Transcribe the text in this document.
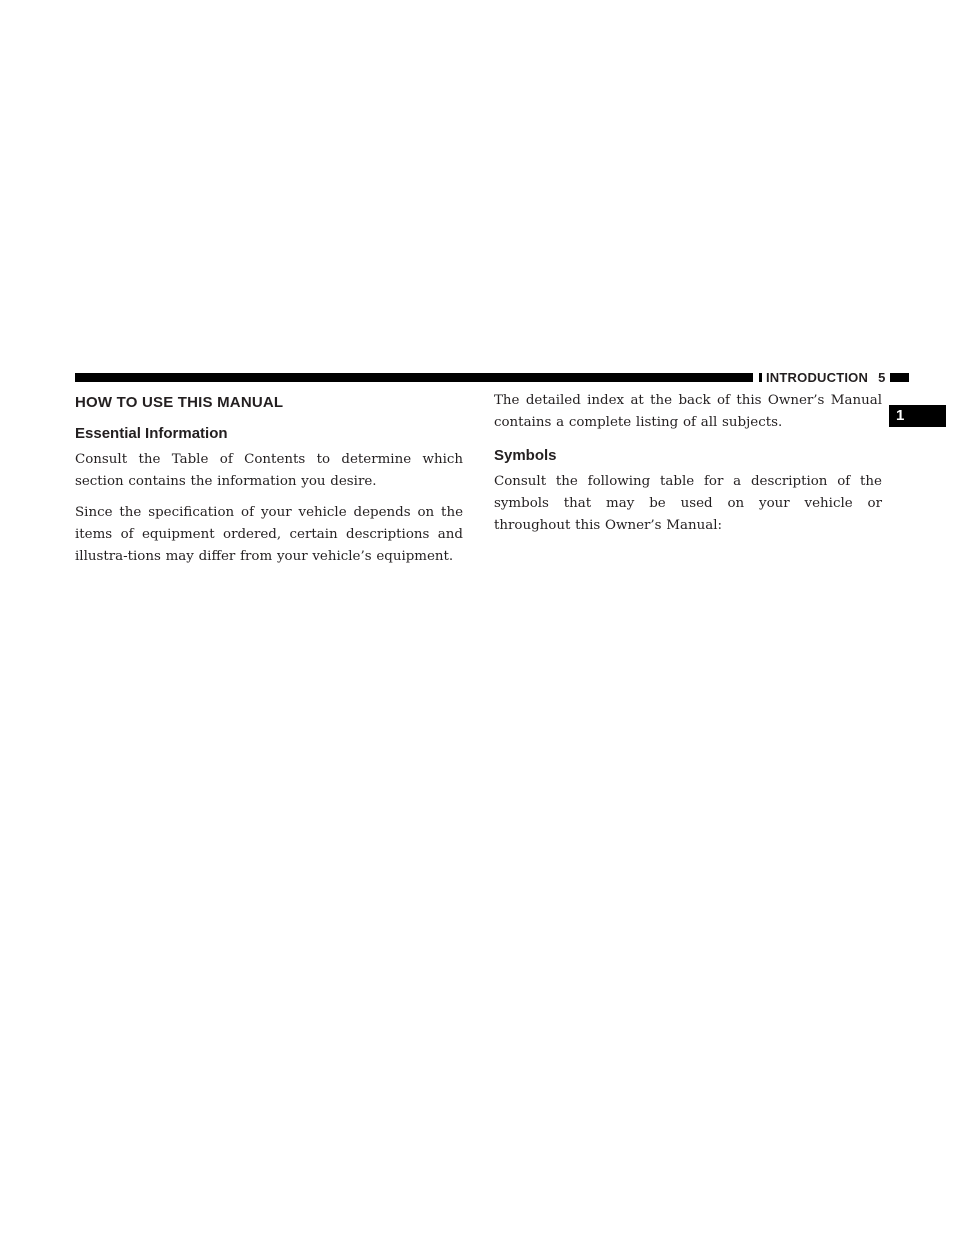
INTRODUCTION 5
1
HOW TO USE THIS MANUAL
Essential Information

Consult the Table of Contents to determine which section contains the information you desire.

Since the specification of your vehicle depends on the items of equipment ordered, certain descriptions and illustra-tions may differ from your vehicle’s equipment.

The detailed index at the back of this Owner’s Manual contains a complete listing of all subjects.

Symbols

Consult the following table for a description of the symbols that may be used on your vehicle or throughout this Owner’s Manual:
